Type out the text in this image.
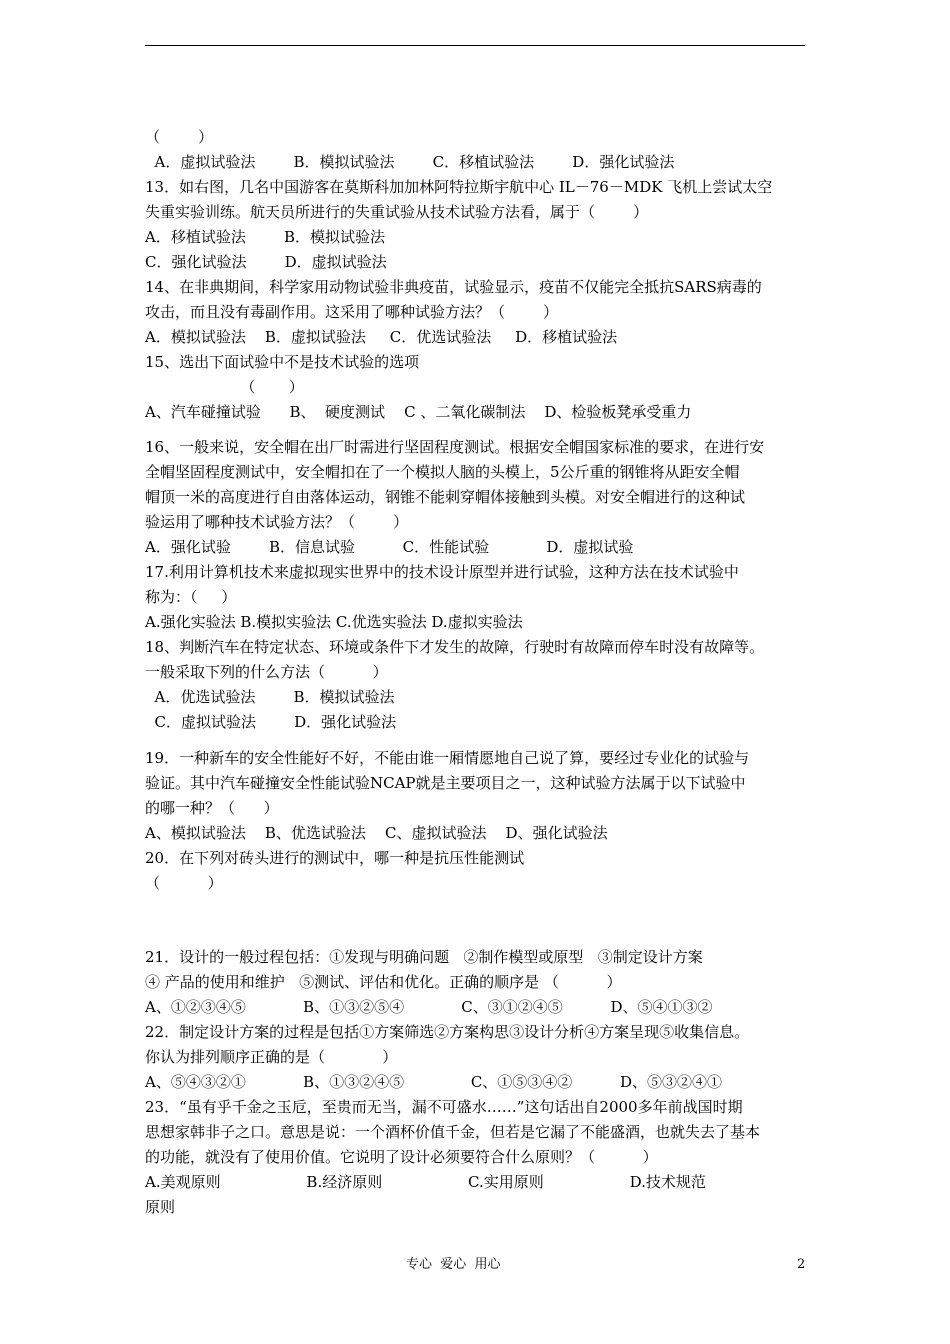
（        ）
A．虚拟试验法        B．模拟试验法        C．移植试验法        D．强化试验法
13．如右图，几名中国游客在莫斯科加加林阿特拉斯宇航中心 IL－76－MDK 飞机上尝试太空
失重实验训练。航天员所进行的失重试验从技术试验方法看，属于（        ）
A．移植试验法        B．模拟试验法
C．强化试验法        D．虚拟试验法
14、在非典期间，科学家用动物试验非典疫苗，试验显示，疫苗不仅能完全抵抗SARS病毒的
攻击，而且没有毒副作用。这采用了哪种试验方法？（        ）
A．模拟试验法    B．虚拟试验法     C．优选试验法     D．移植试验法
15、选出下面试验中不是技术试验的选项
（       ）
A、汽车碰撞试验      B、  硬度测试    C 、二氧化碳制法    D、检验板凳承受重力
16、一般来说，安全帽在出厂时需进行坚固程度测试。根据安全帽国家标准的要求，在进行安
全帽坚固程度测试中，安全帽扣在了一个模拟人脑的头模上，5公斤重的钢锥将从距安全帽
帽顶一米的高度进行自由落体运动，钢锥不能刺穿帽体接触到头模。对安全帽进行的这种试
验运用了哪种技术试验方法？（        ）
A．强化试验        B．信息试验          C．性能试验            D．虚拟试验
17.利用计算机技术来虚拟现实世界中的技术设计原型并进行试验，这种方法在技术试验中
称为：（     ）
A.强化实验法 B.模拟实验法 C.优选实验法 D.虚拟实验法
18、判断汽车在特定状态、环境或条件下才发生的故障，行驶时有故障而停车时没有故障等。
一般采取下列的什么方法（          ）
A．优选试验法        B．模拟试验法
C．虚拟试验法        D．强化试验法
19．一种新车的安全性能好不好，不能由谁一厢情愿地自己说了算，要经过专业化的试验与
验证。其中汽车碰撞安全性能试验NCAP就是主要项目之一，这种试验方法属于以下试验中
的哪一种？（      ）
A、模拟试验法    B、优选试验法    C、虚拟试验法    D、强化试验法
20．在下列对砖头进行的测试中，哪一种是抗压性能测试
（          ）
21．设计的一般过程包括：①发现与明确问题   ②制作模型或原型   ③制定设计方案
④ 产品的使用和维护   ⑤测试、评估和优化。正确的顺序是 （          ）
A、①②③④⑤            B、①③②⑤④            C、③①②④⑤          D、⑤④①③②
22．制定设计方案的过程是包括①方案筛选②方案构思③设计分析④方案呈现⑤收集信息。
你认为排列顺序正确的是（            ）
A、⑤④③②①            B、①③②④⑤              C、①⑤③④②          D、⑤③②④①
23．“虽有乎千金之玉卮，至贵而无当，漏不可盛水……”这句话出自2000多年前战国时期
思想家韩非子之口。意思是说：一个酒杯价值千金，但若是它漏了不能盛酒，也就失去了基本
的功能，就没有了使用价值。它说明了设计必须要符合什么原则？（          ）
A.美观原则                  B.经济原则                  C.实用原则                  D.技术规范
原则
专心  爱心  用心	2
